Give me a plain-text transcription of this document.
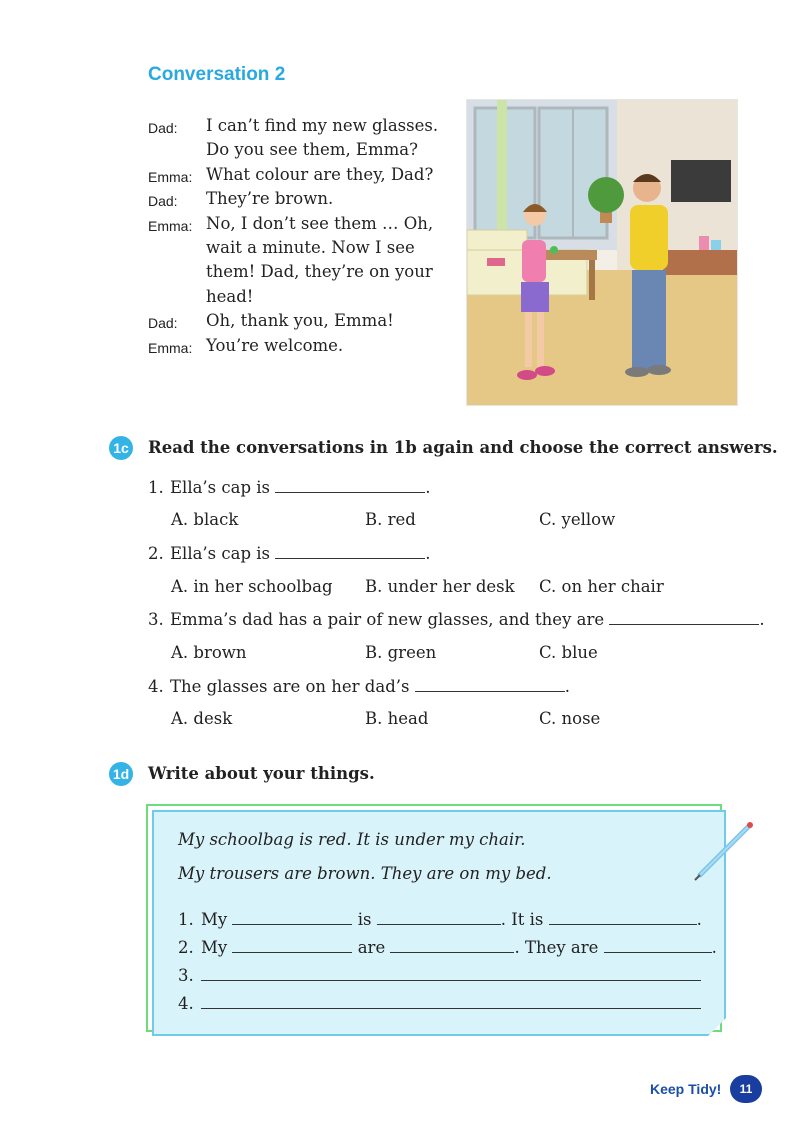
Conversation 2
Dad: I can’t find my new glasses.
Do you see them, Emma?
Emma: What colour are they, Dad?
Dad: They’re brown.
Emma: No, I don’t see them … Oh,
wait a minute. Now I see
them! Dad, they’re on your
head!
Dad: Oh, thank you, Emma!
Emma: You’re welcome.
1c Read the conversations in 1b again and choose the correct answers.
1. Ella’s cap is	.
A. black	B. red	C. yellow
2. Ella’s cap is	.
A. in her schoolbag B. under her desk C. on her chair
3. Emma’s dad has a pair of new glasses, and they are	.
A. brown	B. green	C. blue
4. The glasses are on her dad’s	.
A. desk	B. head	C. nose
1d Write about your things.
My schoolbag is red. It is under my chair.
My trousers are brown. They are on my bed.
1. My	is	. It is	.
2. My	are	. They are	.
3.
4.
Keep Tidy!	11
